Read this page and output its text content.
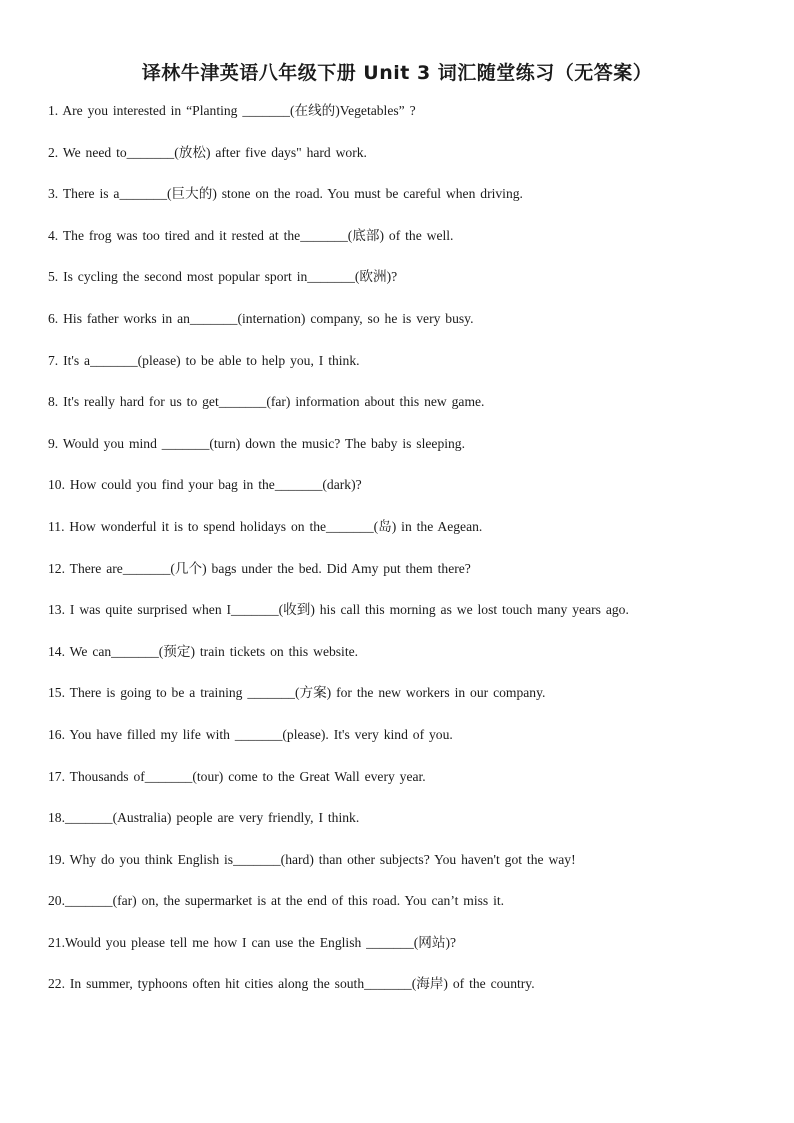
译林牛津英语八年级下册 Unit 3 词汇随堂练习（无答案）
1. Are you interested in “Planting _______(在线的)Vegetables” ?
2. We need to_______(放松) after five days" hard work.
3. There is a_______(巨大的) stone on the road. You must be careful when driving.
4. The frog was too tired and it rested at the_______(底部) of the well.
5. Is cycling the second most popular sport in_______(欧洲)?
6. His father works in an_______(internation) company, so he is very busy.
7. It's a_______(please) to be able to help you, I think.
8. It's really hard for us to get_______(far) information about this new game.
9. Would you mind _______(turn) down the music? The baby is sleeping.
10. How could you find your bag in the_______(dark)?
11. How wonderful it is to spend holidays on the_______(岛) in the Aegean.
12. There are_______(几个) bags under the bed. Did Amy put them there?
13. I was quite surprised when I_______(收到) his call this morning as we lost touch many years ago.
14. We can_______(预定) train tickets on this website.
15. There is going to be a training _______(方案) for the new workers in our company.
16. You have filled my life with _______(please). It's very kind of you.
17. Thousands of_______(tour) come to the Great Wall every year.
18._______(Australia) people are very friendly, I think.
19. Why do you think English is_______(hard) than other subjects? You haven't got the way!
20._______(far) on, the supermarket is at the end of this road. You can’t miss it.
21.Would you please tell me how I can use the English _______(网站)?
22. In summer, typhoons often hit cities along the south_______(海岸) of the country.
